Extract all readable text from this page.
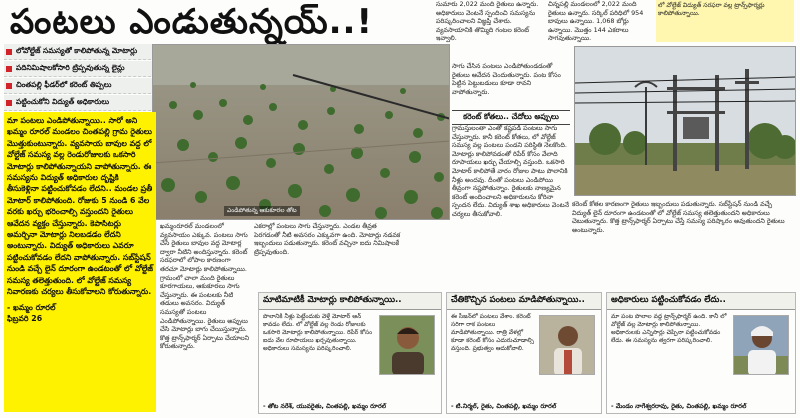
పంటలు ఎండుతున్నయ్..!
లోవోల్టేజ్ సమస్యతో కాలిపోతున్న మోటార్లు
పదినిమిషాలకోసారి ట్రిప్పవుతున్న లైన్లు
చింతపల్లి ఫీడర్‌లో కరెంట్ తిప్పలు
పట్టించుకోని విద్యుత్ అధికారులు
ఎండిపోతున్న ఆకుకూరల తోట
మా పంటలు ఎండిపోతున్నాయి.. సారో అని ఖమ్మం రూరల్ మండలం చింతపల్లి గ్రామ రైతులు మొత్తుకుంటున్నారు. వ్యవసాయ బావుల వద్ద లో వోల్టేజ్ సమస్య వల్ల రెండురోజులకు ఒకసారి మోటార్లు కాలిపోతున్నాయని వాపోతున్నారు. ఈ సమస్యను విద్యుత్ అధికారుల దృష్టికి తీసుకెళ్లినా పట్టించుకోవడం లేదని.. మండల ప్రతీ మోటార్ కాలిపోతుంది. రోజుకు 5 నుండి 6 వేల వరకు ఖర్చు భరించాల్సి వస్తుందని రైతులు ఆవేదన వ్యక్తం చేస్తున్నారు. కెపాసిటర్లు అమర్చినా మోటార్లు నిలబడడం లేదని అంటున్నారు. విద్యుత్ అధికారులు ఎవరూ పట్టించుకోవడం లేదని వాపోతున్నారు. సబ్‌స్టేషన్ నుండి వచ్చే లైన్ దూరంగా ఉండటంతో లో వోల్టేజ్ సమస్య తలెత్తుతుంది. లో వోల్టేజ్ సమస్య నివారణకు చర్యలు తీసుకోవాలని కోరుతున్నారు.
- ఖమ్మం రూరల్
ఫిబ్రవరి 26
ఖమ్మంరూరల్ మండలంలో వ్యవసాయం ఎక్కువ. పంటలు సాగు చేసే రైతులు బావుల వద్ద మోటార్ల ద్వారా నీటిని అందిస్తున్నారు. కరెంట్ సరఫరాలో లోపాల కారణంగా తరచూ మోటార్లు కాలిపోతున్నాయి. గ్రామంలో చాలా మంది రైతులు కూరగాయలు, ఆకుకూరలు సాగు చేస్తున్నారు. ఈ పంటలకు నీటి తడులు అవసరం. విద్యుత్ సమస్యతో పంటలు ఎండిపోతున్నాయి. రైతులు అప్పులు చేసి మోటార్లు బాగు చేయిస్తున్నారు. కొత్త ట్రాన్స్‌ఫార్మర్ ఏర్పాటు చేయాలని కోరుతున్నారు.
ఎకరాల్లో పంటలు సాగు చేస్తున్నారు. ఎండల తీవ్రత పెరగడంతో నీటి అవసరం ఎక్కువగా ఉంది. మోటార్లు నడవక ఇబ్బందులు పడుతున్నారు. కరెంట్ వచ్చినా ఐదు నిమిషాలకే ట్రిప్పవుతుంది.
సుమారు 2,022 మంది రైతులు ఉన్నారు. అధికారులు వెంటనే స్పందించి సమస్యను పరిష్కరించాలని విజ్ఞప్తి చేశారు. వ్యవసాయానికి తొమ్మిది గంటల కరెంట్ ఇవ్వాలి.
చిన్నపల్లి మండలంలో 2,022 మంది రైతులు ఉన్నారు. సర్కిల్ పరిధిలో 954 బావులు ఉన్నాయి. 1,068 బోర్లు ఉన్నాయి. మొత్తం 144 ఎకరాలు సాగవుతున్నాయి.
లో వోల్టేజ్ విద్యుత్ సరఫరా వల్ల ట్రాన్స్‌ఫార్మర్లు కాలిపోతున్నాయి.
సాగు చేసిన పంటలు ఎండిపోతుండడంతో రైతులు ఆవేదన చెందుతున్నారు. పంట కోసం పెట్టిన పెట్టుబడులు కూడా రావని వాపోతున్నారు.
కరెంట్ కోతలు.. చేదోలు అప్పులు
గ్రామస్తులంతా ఎంతో కష్టపడి పంటలు సాగు చేస్తున్నారు. కానీ కరెంట్ కోతలు, లో వోల్టేజ్ సమస్య వల్ల పంటలు పండని పరిస్థితి నెలకొంది. మోటార్లు కాలిపోవడంతో రిపేర్ కోసం వేలాది రూపాయలు ఖర్చు చేయాల్సి వస్తుంది. ఒకసారి మోటార్ కాలిపోతే వారం రోజుల పాటు పొలానికి నీళ్లు అందవు. దీంతో పంటలు ఎండిపోయి తీవ్రంగా నష్టపోతున్నాం. రైతులకు నాణ్యమైన కరెంట్ అందించాలని అధికారులను కోరినా స్పందన లేదు. విద్యుత్ శాఖ అధికారులు వెంటనే చర్యలు తీసుకోవాలి.
కరెంట్ కోతల కారణంగా రైతులు ఇబ్బందులు పడుతున్నారు. సబ్‌స్టేషన్ నుండి వచ్చే విద్యుత్ లైన్ దూరంగా ఉండటంతో లో వోల్టేజ్ సమస్య తలెత్తుతుందని అధికారులు చెబుతున్నారు. కొత్త ట్రాన్స్‌ఫార్మర్ ఏర్పాటు చేస్తే సమస్య పరిష్కారం అవుతుందని రైతులు అంటున్నారు.
మాటిమాటికీ మోటార్లు కాలిపోతున్నాయి..
పొలానికి నీళ్లు పెట్టేందుకు వెళ్తే మోటార్ ఆన్ కావడం లేదు. లో వోల్టేజ్ వల్ల రెండు రోజులకు ఒకసారి మోటార్లు కాలిపోతున్నాయి. రిపేర్ కోసం ఐదు వేల రూపాయలు ఖర్చవుతున్నాయి. అధికారులు సమస్యను పరిష్కరించాలి.
- తోట నరేశ్, యువరైతు, చింతపల్లి, ఖమ్మం రూరల్
చేతికొచ్చిన పంటలు మాడిపోతున్నాయి..
ఈ సీజన్‌లో పంటలు వేశాం. కరెంట్ సరిగా రాక పంటలు మాడిపోతున్నాయి. రాత్రి వేళల్లో కూడా కరెంట్ కోసం ఎదురుచూడాల్సి వస్తుంది. ప్రభుత్వం ఆదుకోవాలి.
- టి.నిర్మల్, రైతు, చింతపల్లి, ఖమ్మం రూరల్
అధికారులు పట్టించుకోవడం లేదు..
మా పంట పొలాల వద్ద ట్రాన్స్‌ఫార్మర్ ఉంది. కానీ లో వోల్టేజ్ వల్ల మోటార్లు కాలిపోతున్నాయి. అధికారులకు ఎన్నిసార్లు చెప్పినా పట్టించుకోవడం లేదు. ఈ సమస్యను త్వరగా పరిష్కరించాలి.
- మేండం నాగేశ్వరరావు, రైతు, చింతపల్లి, ఖమ్మం రూరల్
